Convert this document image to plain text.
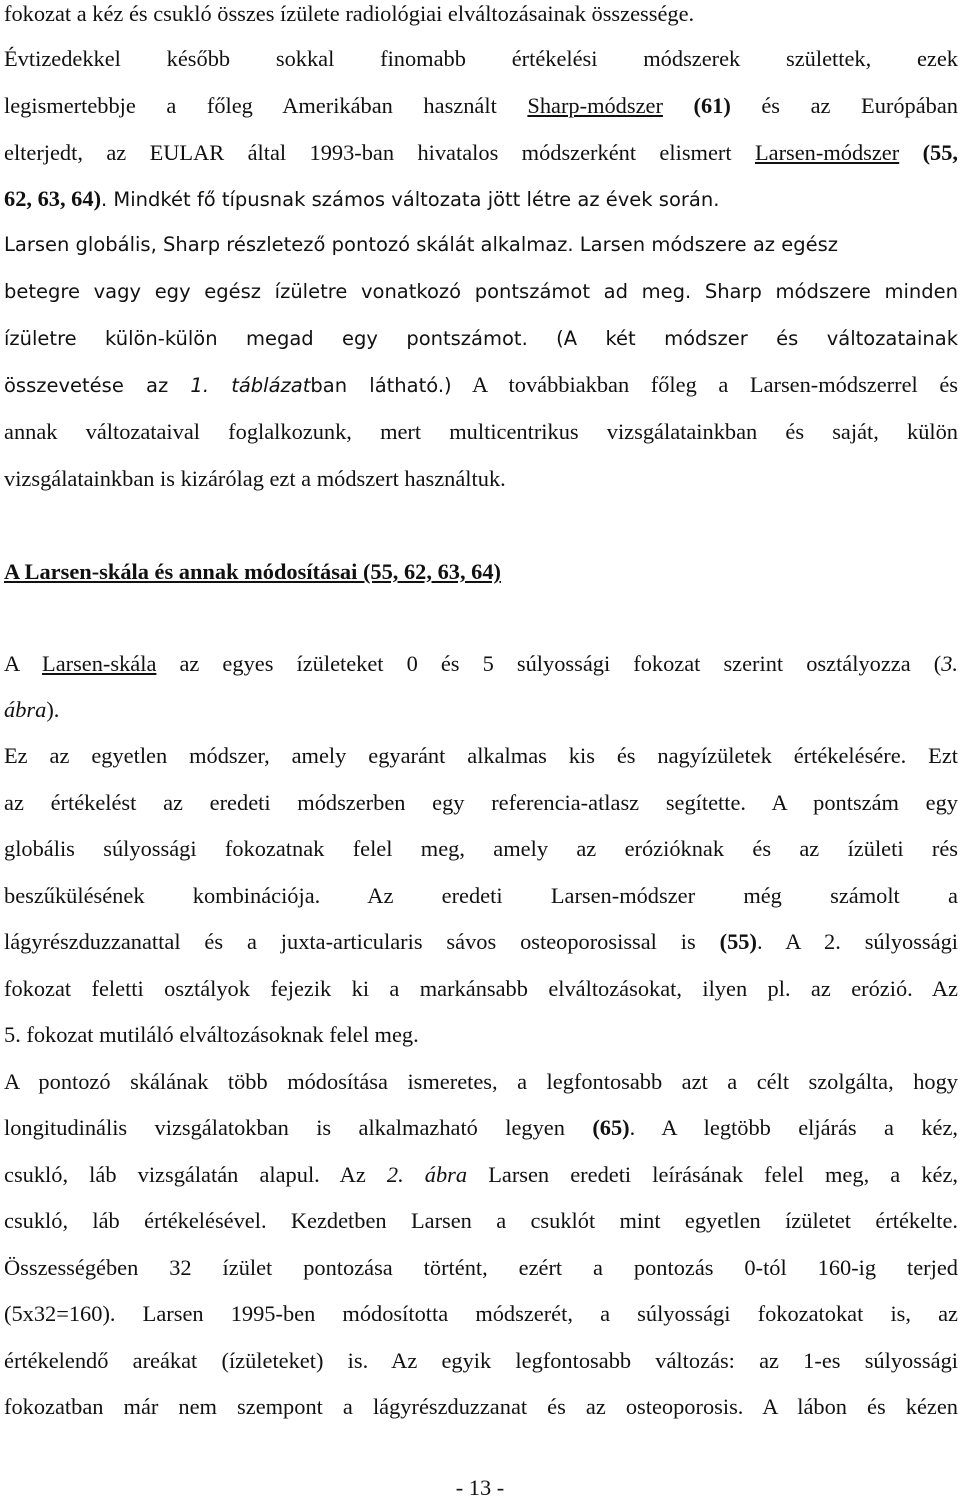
fokozat a kéz és csukló összes ízülete radiológiai elváltozásainak összessége.
Évtizedekkel később sokkal finomabb értékelési módszerek születtek, ezek
legismertebbje a főleg Amerikában használt Sharp-módszer (61) és az Európában
elterjedt, az EULAR által 1993-ban hivatalos módszerként elismert Larsen-módszer (55,
62, 63, 64). Mindkét fő típusnak számos változata jött létre az évek során.
Larsen globális, Sharp részletező pontozó skálát alkalmaz. Larsen módszere az egész
betegre vagy egy egész ízületre vonatkozó pontszámot ad meg. Sharp módszere minden
ízületre külön-külön megad egy pontszámot. (A két módszer és változatainak
összevetése az 1. táblázatban látható.) A továbbiakban főleg a Larsen-módszerrel és
annak változataival foglalkozunk, mert multicentrikus vizsgálatainkban és saját, külön
vizsgálatainkban is kizárólag ezt a módszert használtuk.
A Larsen-skála és annak módosításai (55, 62, 63, 64)
A Larsen-skála az egyes ízületeket 0 és 5 súlyossági fokozat szerint osztályozza (3.
ábra).
Ez az egyetlen módszer, amely egyaránt alkalmas kis és nagyízületek értékelésére. Ezt
az értékelést az eredeti módszerben egy referencia-atlasz segítette. A pontszám egy
globális súlyossági fokozatnak felel meg, amely az erózióknak és az ízületi rés
beszűkülésének kombinációja. Az eredeti Larsen-módszer még számolt a
lágyrészduzzanattal és a juxta-articularis sávos osteoporosissal is (55). A 2. súlyossági
fokozat feletti osztályok fejezik ki a markánsabb elváltozásokat, ilyen pl. az erózió. Az
5. fokozat mutiláló elváltozásoknak felel meg.
A pontozó skálának több módosítása ismeretes, a legfontosabb azt a célt szolgálta, hogy
longitudinális vizsgálatokban is alkalmazható legyen (65). A legtöbb eljárás a kéz,
csukló, láb vizsgálatán alapul. Az 2. ábra Larsen eredeti leírásának felel meg, a kéz,
csukló, láb értékelésével. Kezdetben Larsen a csuklót mint egyetlen ízületet értékelte.
Összességében 32 ízület pontozása történt, ezért a pontozás 0-tól 160-ig terjed
(5x32=160). Larsen 1995-ben módosította módszerét, a súlyossági fokozatokat is, az
értékelendő areákat (ízületeket) is. Az egyik legfontosabb változás: az 1-es súlyossági
fokozatban már nem szempont a lágyrészduzzanat és az osteoporosis. A lábon és kézen
- 13 -
